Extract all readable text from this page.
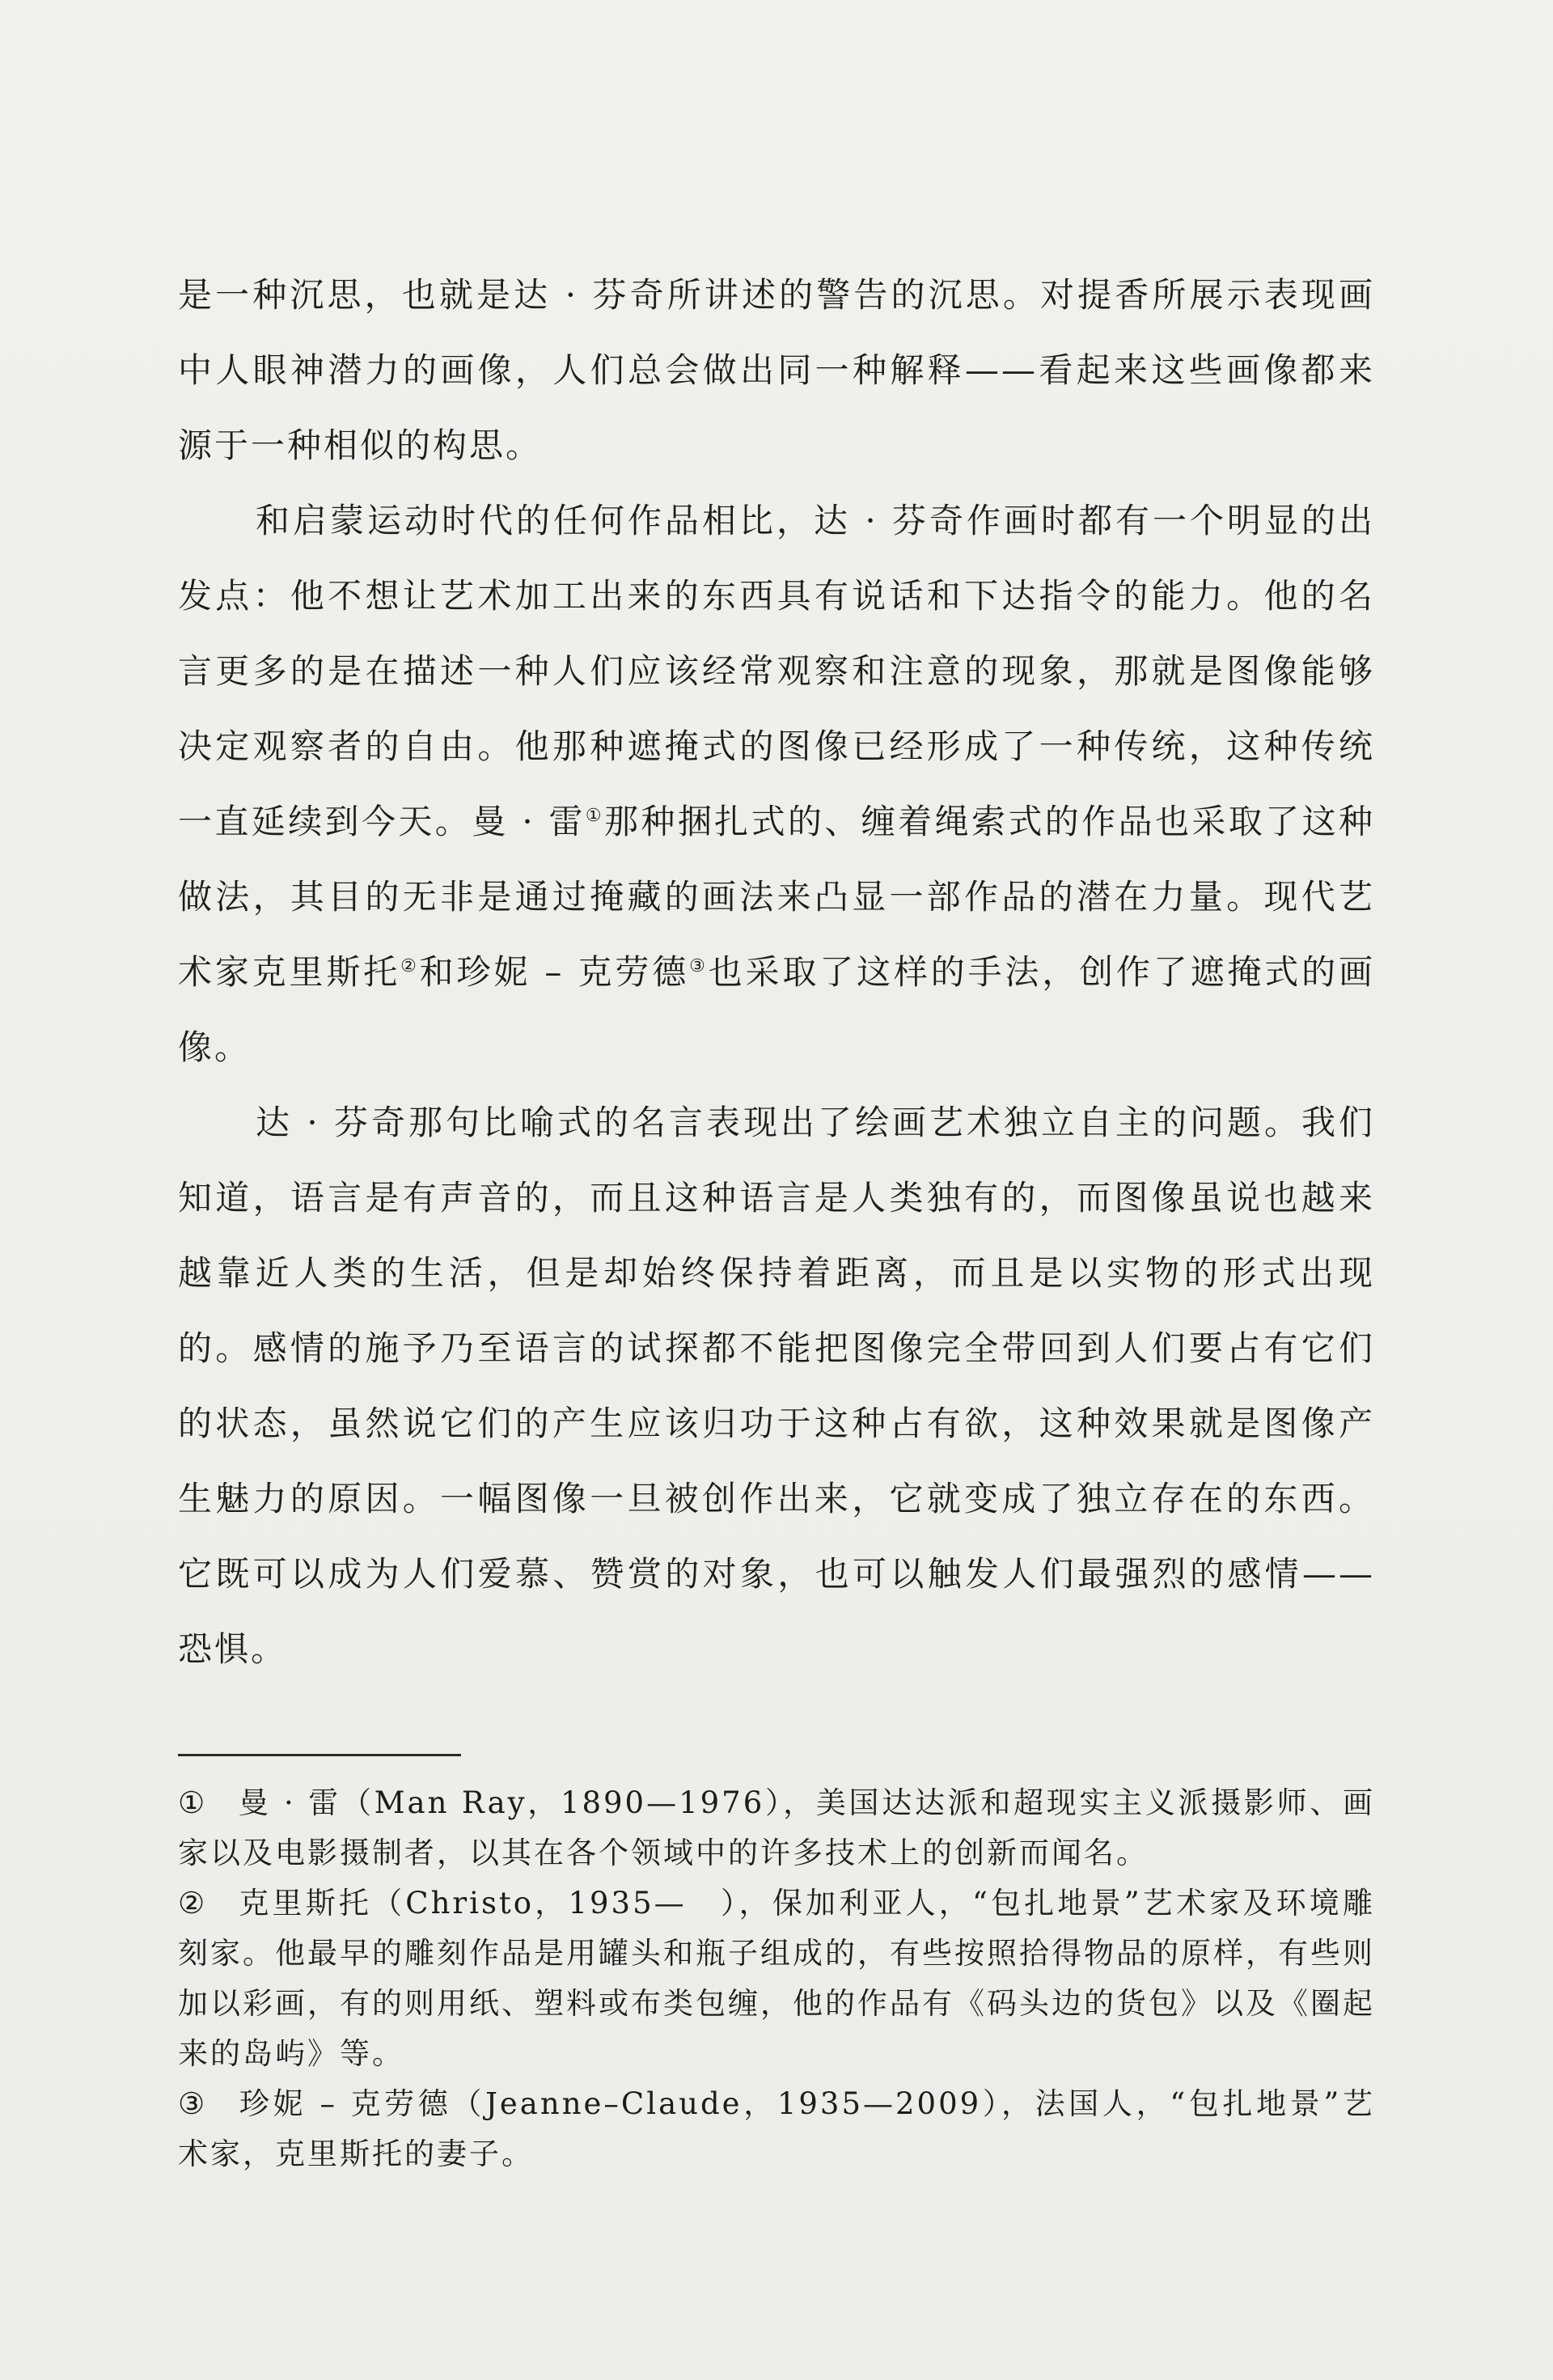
是一种沉思，也就是达 · 芬奇所讲述的警告的沉思。对提香所展示表现画中人眼神潜力的画像，人们总会做出同一种解释——看起来这些画像都来源于一种相似的构思。

和启蒙运动时代的任何作品相比，达 · 芬奇作画时都有一个明显的出发点：他不想让艺术加工出来的东西具有说话和下达指令的能力。他的名言更多的是在描述一种人们应该经常观察和注意的现象，那就是图像能够决定观察者的自由。他那种遮掩式的图像已经形成了一种传统，这种传统一直延续到今天。曼 · 雷①那种捆扎式的、缠着绳索式的作品也采取了这种做法，其目的无非是通过掩藏的画法来凸显一部作品的潜在力量。现代艺术家克里斯托②和珍妮 – 克劳德③也采取了这样的手法，创作了遮掩式的画像。

达 · 芬奇那句比喻式的名言表现出了绘画艺术独立自主的问题。我们知道，语言是有声音的，而且这种语言是人类独有的，而图像虽说也越来越靠近人类的生活，但是却始终保持着距离，而且是以实物的形式出现的。感情的施予乃至语言的试探都不能把图像完全带回到人们要占有它们的状态，虽然说它们的产生应该归功于这种占有欲，这种效果就是图像产生魅力的原因。一幅图像一旦被创作出来，它就变成了独立存在的东西。它既可以成为人们爱慕、赞赏的对象，也可以触发人们最强烈的感情——恐惧。

① 曼 · 雷（Man Ray，1890—1976），美国达达派和超现实主义派摄影师、画家以及电影摄制者，以其在各个领域中的许多技术上的创新而闻名。

② 克里斯托（Christo，1935—　），保加利亚人，“包扎地景”艺术家及环境雕刻家。他最早的雕刻作品是用罐头和瓶子组成的，有些按照拾得物品的原样，有些则加以彩画，有的则用纸、塑料或布类包缠，他的作品有《码头边的货包》以及《圈起来的岛屿》等。

③ 珍妮 – 克劳德（Jeanne–Claude，1935—2009），法国人，“包扎地景”艺术家，克里斯托的妻子。
